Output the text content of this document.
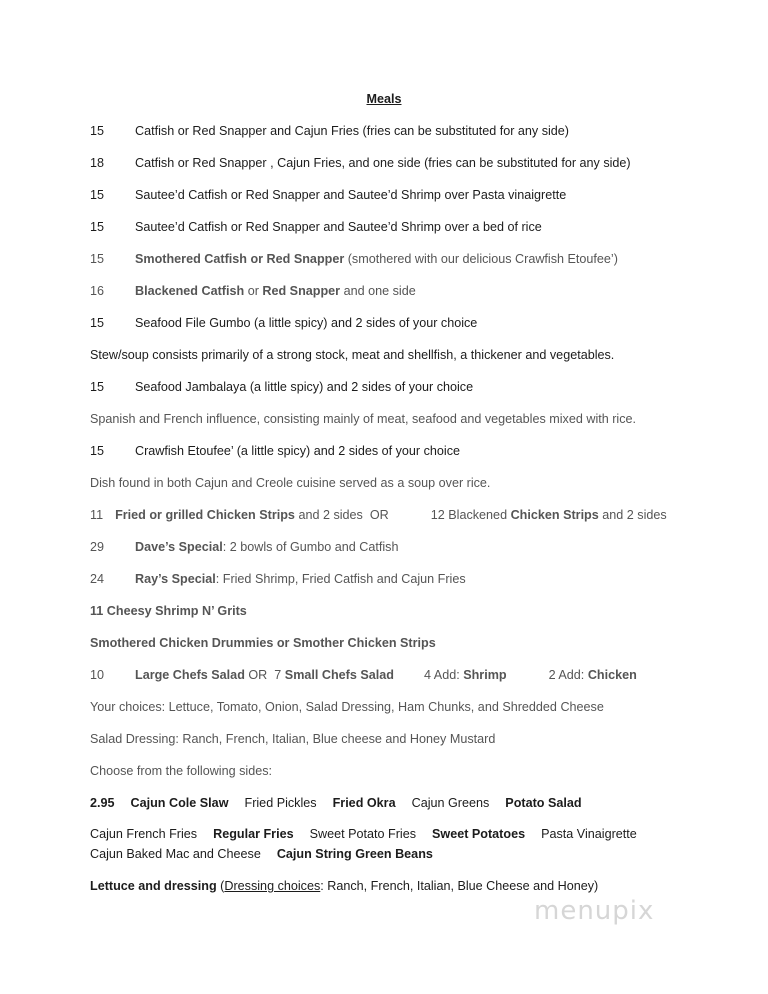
Meals
15 Catfish or Red Snapper and Cajun Fries (fries can be substituted for any side)
18 Catfish or Red Snapper , Cajun Fries, and one side (fries can be substituted for any side)
15 Sautee’d Catfish or Red Snapper and Sautee’d Shrimp over Pasta vinaigrette
15 Sautee’d Catfish or Red Snapper and Sautee’d Shrimp over a bed of rice
15 Smothered Catfish or Red Snapper (smothered with our delicious Crawfish Etoufee’)
16 Blackened Catfish or Red Snapper and one side
15 Seafood File Gumbo (a little spicy) and 2 sides of your choice
Stew/soup consists primarily of a strong stock, meat and shellfish, a thickener and vegetables.
15 Seafood Jambalaya (a little spicy) and 2 sides of your choice
Spanish and French influence, consisting mainly of meat, seafood and vegetables mixed with rice.
15 Crawfish Etoufee’ (a little spicy) and 2 sides of your choice
Dish found in both Cajun and Creole cuisine served as a soup over rice.
11 Fried or grilled Chicken Strips and 2 sides OR	12 Blackened Chicken Strips and 2 sides
29 Dave’s Special: 2 bowls of Gumbo and Catfish
24 Ray’s Special: Fried Shrimp, Fried Catfish and Cajun Fries
11 Cheesy Shrimp N’ Grits
Smothered Chicken Drummies or Smother Chicken Strips
10 Large Chefs Salad OR 7 Small Chefs Salad 4 Add: Shrimp	2 Add: Chicken
Your choices: Lettuce, Tomato, Onion, Salad Dressing, Ham Chunks, and Shredded Cheese
Salad Dressing: Ranch, French, Italian, Blue cheese and Honey Mustard
Choose from the following sides:
2.95 Cajun Cole Slaw Fried Pickles Fried Okra Cajun Greens Potato Salad
Cajun French Fries Regular Fries Sweet Potato Fries Sweet Potatoes Pasta Vinaigrette
Cajun Baked Mac and Cheese Cajun String Green Beans
Lettuce and dressing (Dressing choices: Ranch, French, Italian, Blue Cheese and Honey)
menupix
